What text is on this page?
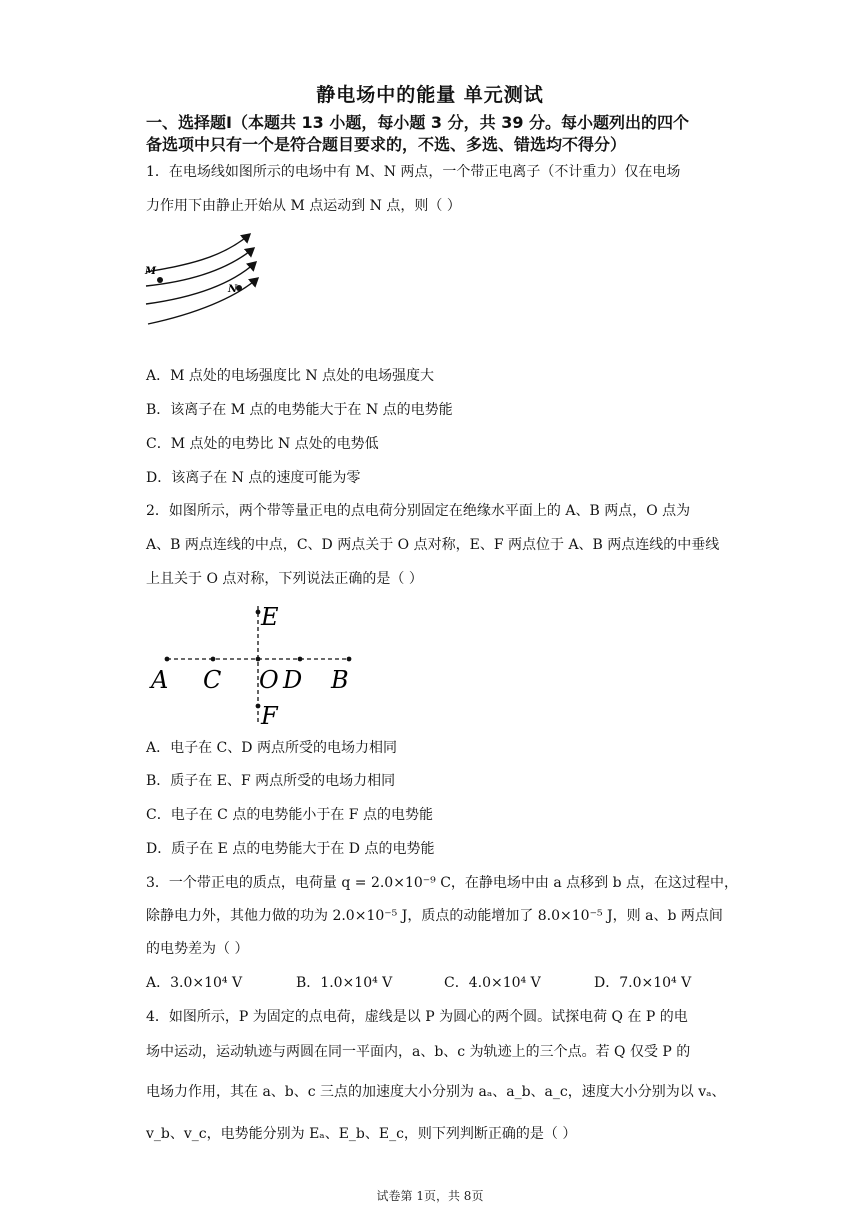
静电场中的能量 单元测试
一、选择题Ⅰ（本题共 13 小题，每小题 3 分，共 39 分。每小题列出的四个
备选项中只有一个是符合题目要求的，不选、多选、错选均不得分）
1．在电场线如图所示的电场中有 M、N 两点，一个带正电离子（不计重力）仅在电场
力作用下由静止开始从 M 点运动到 N 点，则（ ）
M
N
A．M 点处的电场强度比 N 点处的电场强度大
B．该离子在 M 点的电势能大于在 N 点的电势能
C．M 点处的电势比 N 点处的电势低
D．该离子在 N 点的速度可能为零
2．如图所示，两个带等量正电的点电荷分别固定在绝缘水平面上的 A、B 两点，O 点为
A、B 两点连线的中点，C、D 两点关于 O 点对称，E、F 两点位于 A、B 两点连线的中垂线
上且关于 O 点对称，下列说法正确的是（ ）
A C O D B
E
F
A．电子在 C、D 两点所受的电场力相同
B．质子在 E、F 两点所受的电场力相同
C．电子在 C 点的电势能小于在 F 点的电势能
D．质子在 E 点的电势能大于在 D 点的电势能
3．一个带正电的质点，电荷量 q = 2.0×10⁻⁹ C，在静电场中由 a 点移到 b 点，在这过程中，
除静电力外，其他力做的功为 2.0×10⁻⁵ J，质点的动能增加了 8.0×10⁻⁵ J，则 a、b 两点间
的电势差为（ ）
A．3.0×10⁴ V	B．1.0×10⁴ V	C．4.0×10⁴ V	D．7.0×10⁴ V
4．如图所示，P 为固定的点电荷，虚线是以 P 为圆心的两个圆。试探电荷 Q 在 P 的电
场中运动，运动轨迹与两圆在同一平面内，a、b、c 为轨迹上的三个点。若 Q 仅受 P 的
电场力作用，其在 a、b、c 三点的加速度大小分别为 aₐ、a_b、a_c，速度大小分别为以 vₐ、
v_b、v_c，电势能分别为 Eₐ、E_b、E_c，则下列判断正确的是（ ）
试卷第 1页，共 8页
